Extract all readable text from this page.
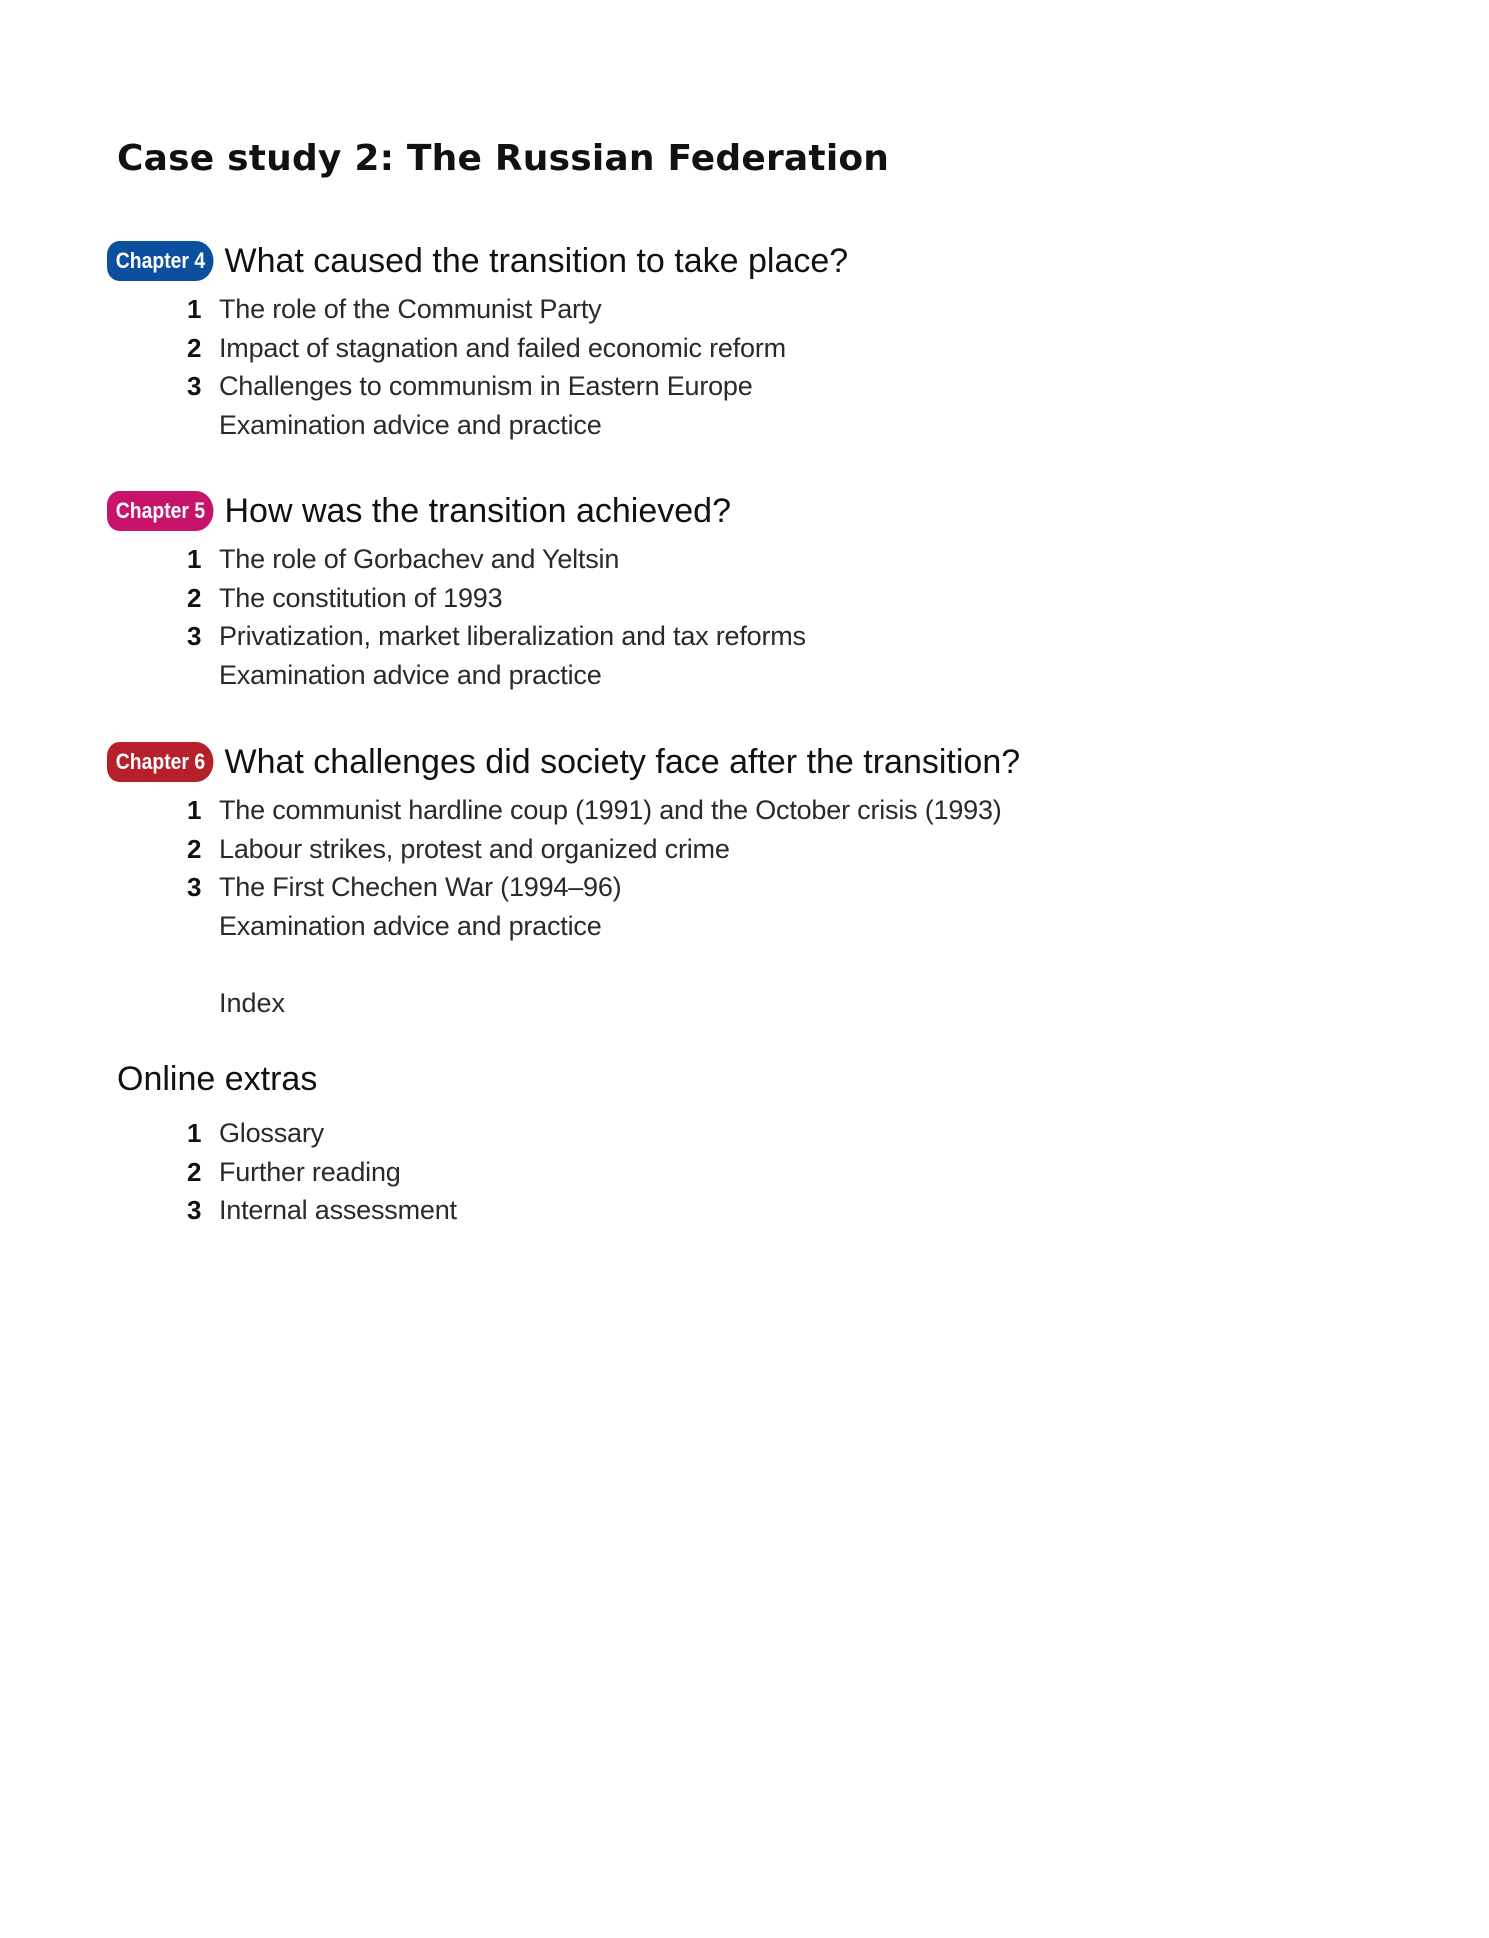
Case study 2: The Russian Federation
Chapter 4 What caused the transition to take place?
1 The role of the Communist Party
2 Impact of stagnation and failed economic reform
3 Challenges to communism in Eastern Europe
Examination advice and practice
Chapter 5 How was the transition achieved?
1 The role of Gorbachev and Yeltsin
2 The constitution of 1993
3 Privatization, market liberalization and tax reforms
Examination advice and practice
Chapter 6 What challenges did society face after the transition?
1 The communist hardline coup (1991) and the October crisis (1993)
2 Labour strikes, protest and organized crime
3 The First Chechen War (1994–96)
Examination advice and practice
Index
Online extras
1 Glossary
2 Further reading
3 Internal assessment
